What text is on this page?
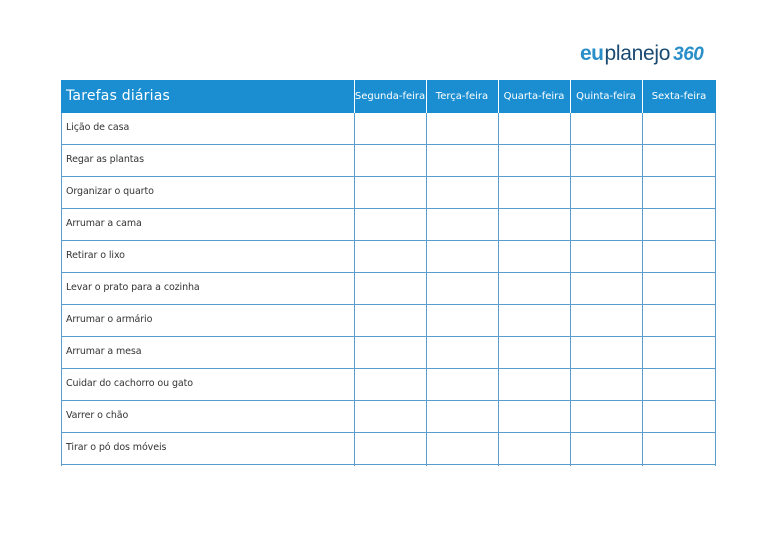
eu planejo 360
Tarefas diárias	Segunda-feira	Terça-feira	Quarta-feira	Quinta-feira	Sexta-feira
Lição de casa
Regar as plantas
Organizar o quarto
Arrumar a cama
Retirar o lixo
Levar o prato para a cozinha
Arrumar o armário
Arrumar a mesa
Cuidar do cachorro ou gato
Varrer o chão
Tirar o pó dos móveis
